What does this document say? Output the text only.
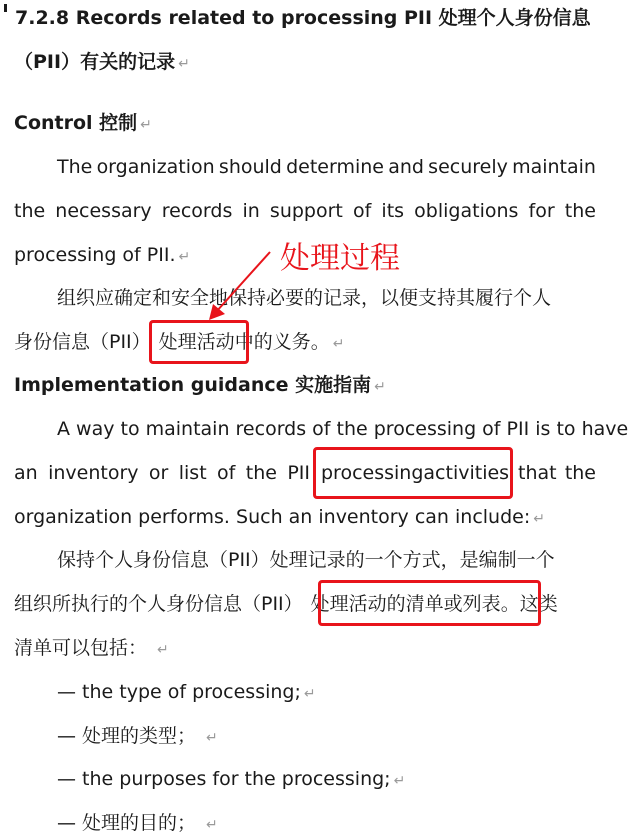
7.2.8 Records related to processing PII 处理个人身份信息
（PII）有关的记录 ↵
Control 控制 ↵
The organization should determine and securely maintain
the necessary records in support of its obligations for the
processing of PII. ↵
组织应确定和安全地保持必要的记录，以便支持其履行个人
身份信息（PII） 处理活动中的义务。 ↵
处理过程
Implementation guidance 实施指南 ↵
A way to maintain records of the processing of PII is to have
an inventory or list of the PII processing activities that the
organization performs. Such an inventory can include: ↵
保持个人身份信息（PII）处理记录的一个方式，是编制一个
组织所执行的个人身份信息（PII） 处理活动的清单或列表。这类
清单可以包括： ↵
— the type of processing; ↵
— 处理的类型； ↵
— the purposes for the processing; ↵
— 处理的目的； ↵
